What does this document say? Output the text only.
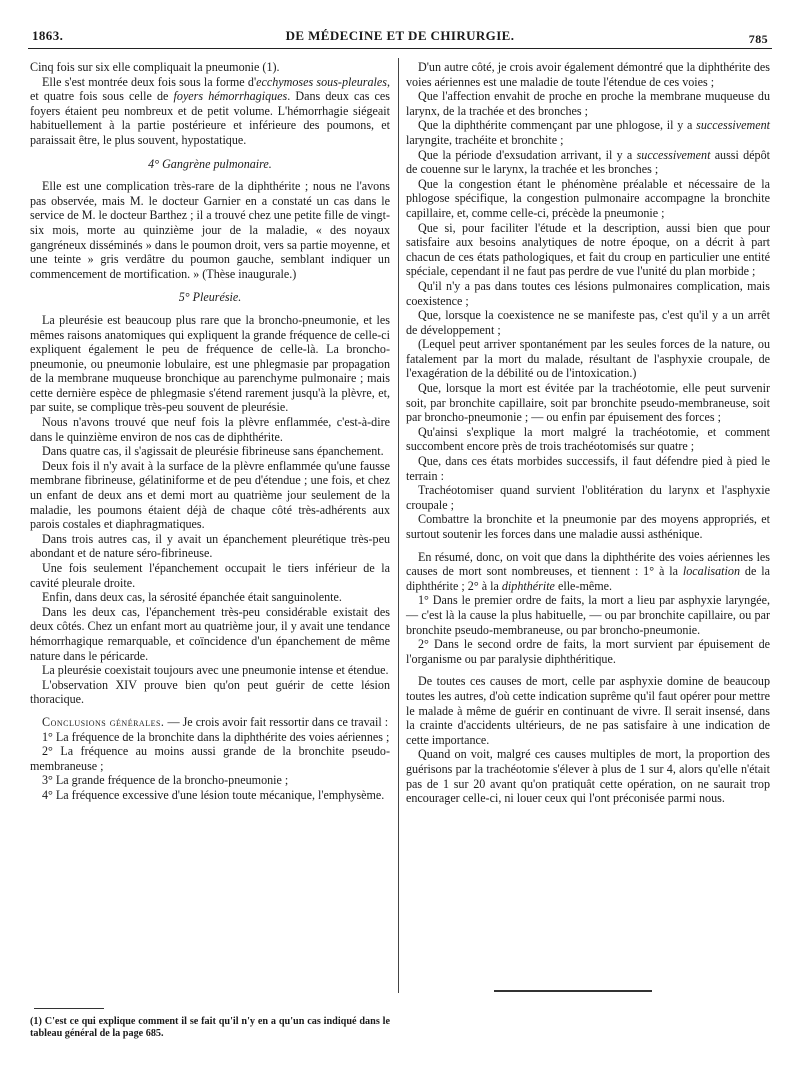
1863.	DE MÉDECINE ET DE CHIRURGIE.	785

Cinq fois sur six elle compliquait la pneumonie (1).

Elle s'est montrée deux fois sous la forme d'ecchymoses sous-pleurales, et quatre fois sous celle de foyers hémorrhagiques. Dans deux cas ces foyers étaient peu nombreux et de petit volume. L'hémorrhagie siégeait habituellement à la partie postérieure et inférieure des poumons, et paraissait être, le plus souvent, hypostatique.

4° Gangrène pulmonaire.

Elle est une complication très-rare de la diphthérite ; nous ne l'avons pas observée, mais M. le docteur Garnier en a constaté un cas dans le service de M. le docteur Barthez ; il a trouvé chez une petite fille de vingt-six mois, morte au quinzième jour de la maladie, « des noyaux gangréneux disséminés » dans le poumon droit, vers sa partie moyenne, et une teinte » gris verdâtre du poumon gauche, semblant indiquer un commencement de mortification. » (Thèse inaugurale.)

5° Pleurésie.

La pleurésie est beaucoup plus rare que la broncho-pneumonie, et les mêmes raisons anatomiques qui expliquent la grande fréquence de celle-ci expliquent également le peu de fréquence de celle-là. La broncho-pneumonie, ou pneumonie lobulaire, est une phlegmasie par propagation de la membrane muqueuse bronchique au parenchyme pulmonaire ; mais cette dernière espèce de phlegmasie s'étend rarement jusqu'à la plèvre, et, par suite, se complique très-peu souvent de pleurésie.

Nous n'avons trouvé que neuf fois la plèvre enflammée, c'est-à-dire dans le quinzième environ de nos cas de diphthérite.

Dans quatre cas, il s'agissait de pleurésie fibrineuse sans épanchement.

Deux fois il n'y avait à la surface de la plèvre enflammée qu'une fausse membrane fibrineuse, gélatiniforme et de peu d'étendue ; une fois, et chez un enfant de deux ans et demi mort au quatrième jour seulement de la maladie, les poumons étaient déjà de chaque côté très-adhérents aux parois costales et diaphragmatiques.

Dans trois autres cas, il y avait un épanchement pleurétique très-peu abondant et de nature séro-fibrineuse.

Une fois seulement l'épanchement occupait le tiers inférieur de la cavité pleurale droite.

Enfin, dans deux cas, la sérosité épanchée était sanguinolente.

Dans les deux cas, l'épanchement très-peu considérable existait des deux côtés. Chez un enfant mort au quatrième jour, il y avait une tendance hémorrhagique remarquable, et coïncidence d'un épanchement de même nature dans le péricarde.

La pleurésie coexistait toujours avec une pneumonie intense et étendue.

L'observation XIV prouve bien qu'on peut guérir de cette lésion thoracique.

Conclusions générales. — Je crois avoir fait ressortir dans ce travail :

1° La fréquence de la bronchite dans la diphthérite des voies aériennes ;

2° La fréquence au moins aussi grande de la bronchite pseudo-membraneuse ;

3° La grande fréquence de la broncho-pneumonie ;

4° La fréquence excessive d'une lésion toute mécanique, l'emphysème.

D'un autre côté, je crois avoir également démontré que la diphthérite des voies aériennes est une maladie de toute l'étendue de ces voies ;

Que l'affection envahit de proche en proche la membrane muqueuse du larynx, de la trachée et des bronches ;

Que la diphthérite commençant par une phlogose, il y a successivement laryngite, trachéite et bronchite ;

Que la période d'exsudation arrivant, il y a successivement aussi dépôt de couenne sur le larynx, la trachée et les bronches ;

Que la congestion étant le phénomène préalable et nécessaire de la phlogose spécifique, la congestion pulmonaire accompagne la bronchite capillaire, et, comme celle-ci, précède la pneumonie ;

Que si, pour faciliter l'étude et la description, aussi bien que pour satisfaire aux besoins analytiques de notre époque, on a décrit à part chacun de ces états pathologiques, et fait du croup en particulier une entité spéciale, cependant il ne faut pas perdre de vue l'unité du plan morbide ;

Qu'il n'y a pas dans toutes ces lésions pulmonaires complication, mais coexistence ;

Que, lorsque la coexistence ne se manifeste pas, c'est qu'il y a un arrêt de développement ;

(Lequel peut arriver spontanément par les seules forces de la nature, ou fatalement par la mort du malade, résultant de l'asphyxie croupale, de l'exagération de la débilité ou de l'intoxication.)

Que, lorsque la mort est évitée par la trachéotomie, elle peut survenir soit, par bronchite capillaire, soit par bronchite pseudo-membraneuse, soit par broncho-pneumonie ; — ou enfin par épuisement des forces ;

Qu'ainsi s'explique la mort malgré la trachéotomie, et comment succombent encore près de trois trachéotomisés sur quatre ;

Que, dans ces états morbides successifs, il faut défendre pied à pied le terrain :

Trachéotomiser quand survient l'oblitération du larynx et l'asphyxie croupale ;

Combattre la bronchite et la pneumonie par des moyens appropriés, et surtout soutenir les forces dans une maladie aussi asthénique.

En résumé, donc, on voit que dans la diphthérite des voies aériennes les causes de mort sont nombreuses, et tiennent : 1° à la localisation de la diphthérite ; 2° à la diphthérite elle-même.

1° Dans le premier ordre de faits, la mort a lieu par asphyxie laryngée, — c'est là la cause la plus habituelle, — ou par bronchite capillaire, ou par bronchite pseudo-membraneuse, ou par broncho-pneumonie.

2° Dans le second ordre de faits, la mort survient par épuisement de l'organisme ou par paralysie diphthéritique.

De toutes ces causes de mort, celle par asphyxie domine de beaucoup toutes les autres, d'où cette indication suprême qu'il faut opérer pour mettre le malade à même de guérir en continuant de vivre. Il serait insensé, dans la crainte d'accidents ultérieurs, de ne pas satisfaire à une indication de cette importance.

Quand on voit, malgré ces causes multiples de mort, la proportion des guérisons par la trachéotomie s'élever à plus de 1 sur 4, alors qu'elle n'était pas de 1 sur 20 avant qu'on pratiquât cette opération, on ne saurait trop encourager celle-ci, ni louer ceux qui l'ont préconisée parmi nous.

(1) C'est ce qui explique comment il se fait qu'il n'y en a qu'un cas indiqué dans le tableau général de la page 685.
